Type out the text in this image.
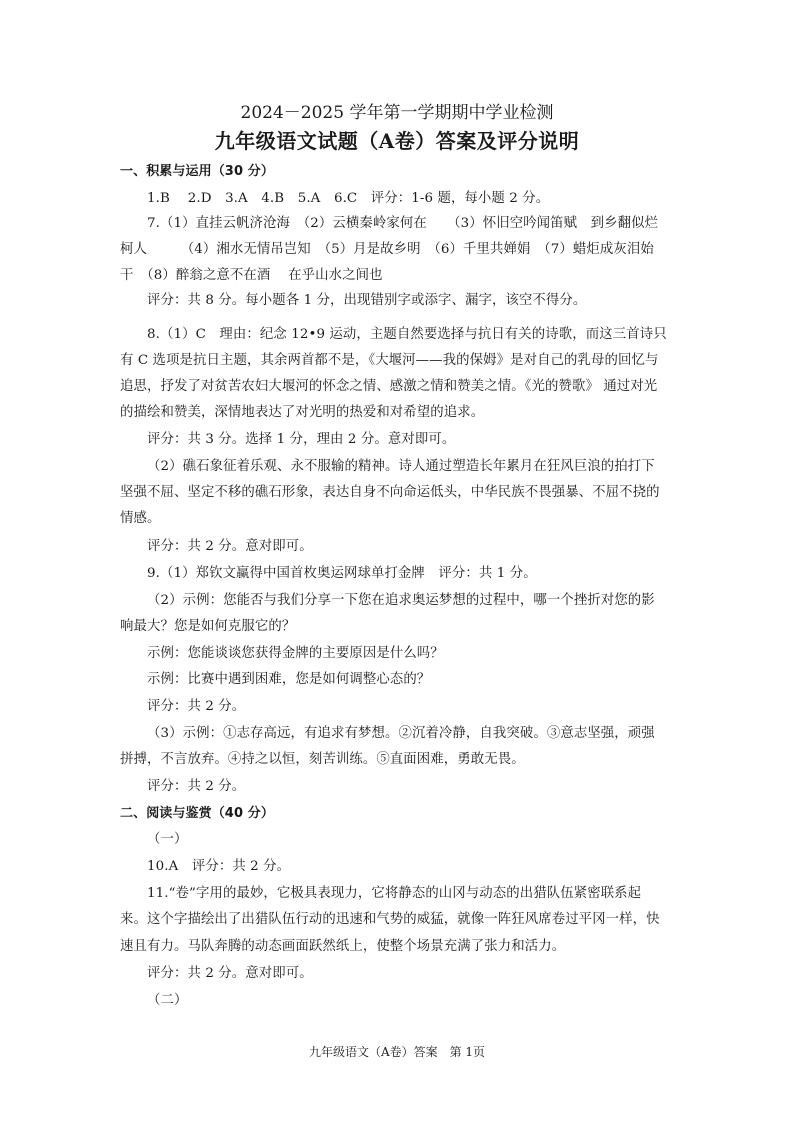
2024－2025 学年第一学期期中学业检测
九年级语文试题（A卷）答案及评分说明
一、积累与运用（30 分）
1.B　 2.D　3.A　4.B　5.A　6.C　评分：1-6 题，每小题 2 分。
7.（1）直挂云帆济沧海　（2）云横秦岭家何在　　（3）怀旧空吟闻笛赋　到乡翻似烂
柯人　　　（4）湘水无情吊岂知　（5）月是故乡明　（6）千里共婵娟　（7）蜡炬成灰泪始
干　（8）醉翁之意不在酒　 在乎山水之间也
评分：共 8 分。每小题各 1 分，出现错别字或添字、漏字，该空不得分。
8.（1）C　理由：纪念 12•9 运动，主题自然要选择与抗日有关的诗歌，而这三首诗只
有 C 选项是抗日主题，其余两首都不是，《大堰河——我的保姆》是对自己的乳母的回忆与
追思，抒发了对贫苦农妇大堰河的怀念之情、感激之情和赞美之情。《光的赞歌》 通过对光
的描绘和赞美，深情地表达了对光明的热爱和对希望的追求。
评分：共 3 分。选择 1 分，理由 2 分。意对即可。
（2）礁石象征着乐观、永不服输的精神。诗人通过塑造长年累月在狂风巨浪的拍打下
坚强不屈、坚定不移的礁石形象，表达自身不向命运低头，中华民族不畏强暴、不屈不挠的
情感。
评分：共 2 分。意对即可。
9.（1）郑钦文赢得中国首枚奥运网球单打金牌　评分：共 1 分。
（2）示例：您能否与我们分享一下您在追求奥运梦想的过程中，哪一个挫折对您的影
响最大？您是如何克服它的？
示例：您能谈谈您获得金牌的主要原因是什么吗？
示例：比赛中遇到困难，您是如何调整心态的？
评分：共 2 分。
（3）示例：①志存高远，有追求有梦想。②沉着冷静，自我突破。③意志坚强，顽强
拼搏，不言放弃。④持之以恒，刻苦训练。⑤直面困难，勇敢无畏。
评分：共 2 分。
二、阅读与鉴赏（40 分）
（一）
10.A　评分：共 2 分。
11.“卷”字用的最妙，它极具表现力，它将静态的山冈与动态的出猎队伍紧密联系起
来。这个字描绘出了出猎队伍行动的迅速和气势的威猛，就像一阵狂风席卷过平冈一样，快
速且有力。马队奔腾的动态画面跃然纸上，使整个场景充满了张力和活力。
评分：共 2 分。意对即可。
（二）
九年级语文（A卷）答案　第 1页
